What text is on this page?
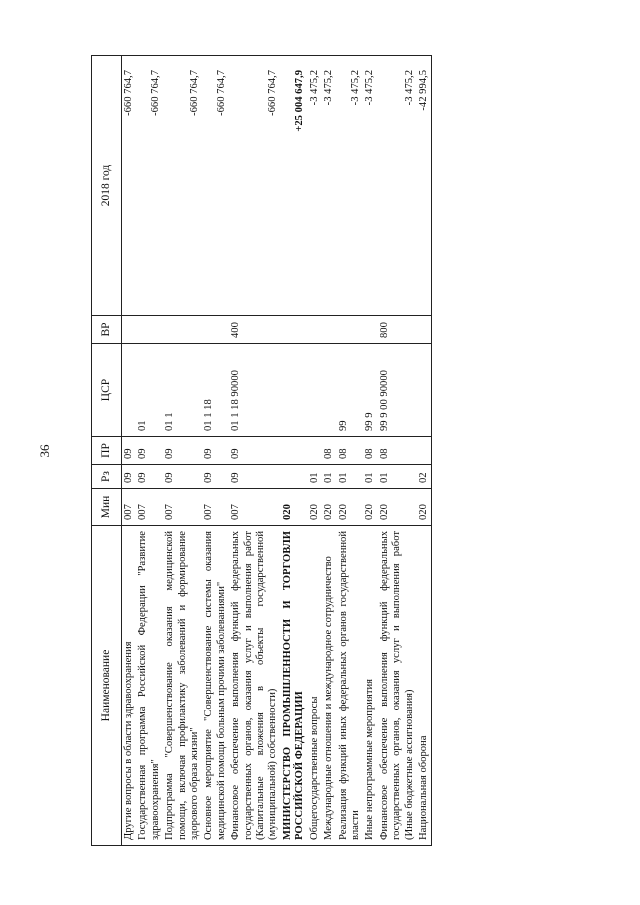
36
Наименование	Мин	Рз	ПР	ЦСР	ВР	2018 год
Другие вопросы в области здравоохранения	007	09	09			-660 764,7
Государственная программа Российской Федерации "Развитие здравоохранения"	007	09	09	01		-660 764,7
Подпрограмма "Совершенствование оказания медицинской помощи, включая профилактику заболеваний и формирование здорового образа жизни"	007	09	09	01 1		-660 764,7
Основное мероприятие "Совершенствование системы оказания медицинской помощи больным прочими заболеваниями"	007	09	09	01 1 18		-660 764,7
Финансовое обеспечение выполнения функций федеральных государственных органов, оказания услуг и выполнения работ (Капитальные вложения в объекты государственной (муниципальной) собственности)	007	09	09	01 1 18 90000	400	-660 764,7
МИНИСТЕРСТВО ПРОМЫШЛЕННОСТИ И ТОРГОВЛИ РОССИЙСКОЙ ФЕДЕРАЦИИ	020					+25 004 647,9
Общегосударственные вопросы	020	01				-3 475,2
Международные отношения и международное сотрудничество	020	01	08			-3 475,2
Реализация функций иных федеральных органов государственной власти	020	01	08	99		-3 475,2
Иные непрограммные мероприятия	020	01	08	99 9		-3 475,2
Финансовое обеспечение выполнения функций федеральных государственных органов, оказания услуг и выполнения работ (Иные бюджетные ассигнования)	020	01	08	99 9 00 90000	800	-3 475,2
Национальная оборона	020	02				-42 994,5
